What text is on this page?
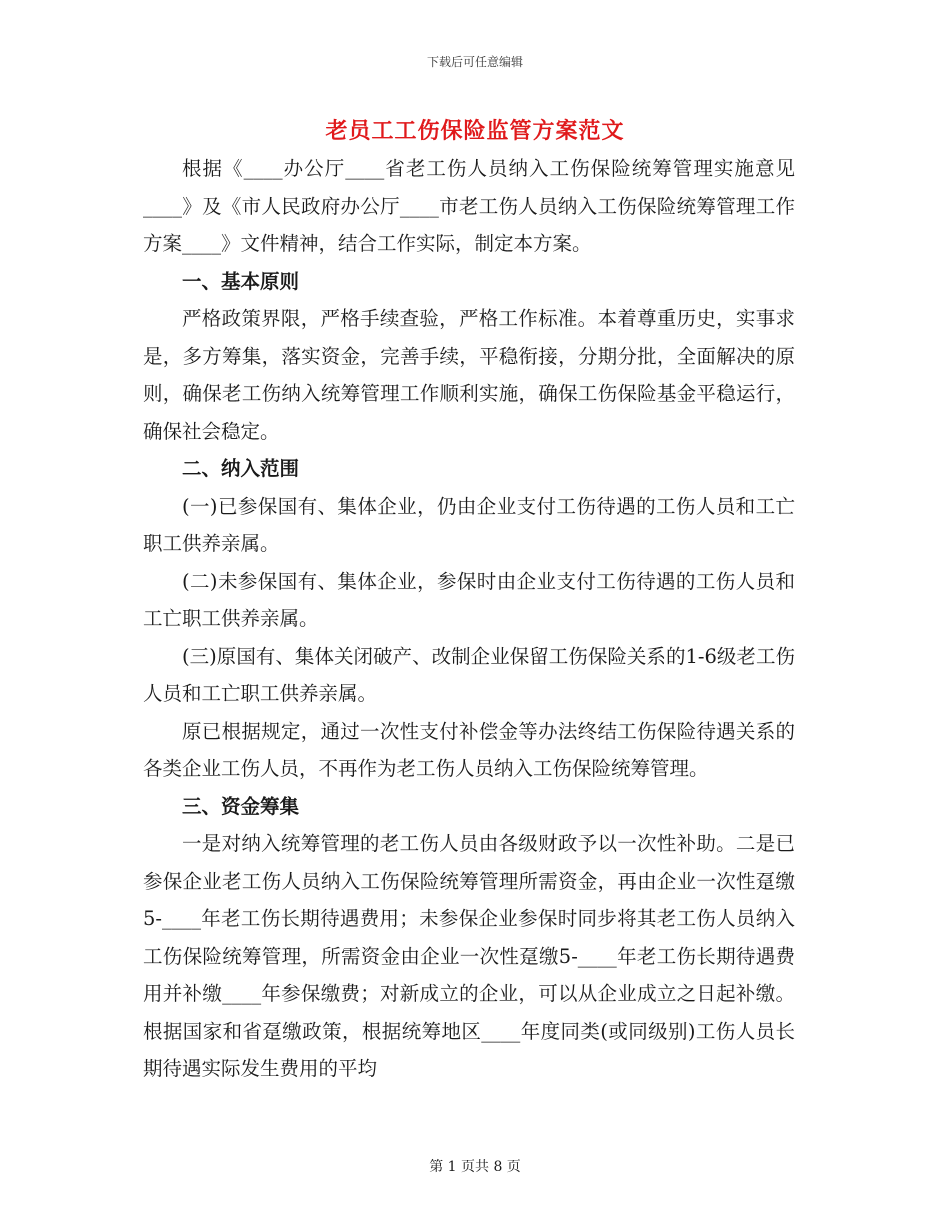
下载后可任意编辑
老员工工伤保险监管方案范文

根据《____办公厅____省老工伤人员纳入工伤保险统筹管理实施意见____》及《市人民政府办公厅____市老工伤人员纳入工伤保险统筹管理工作方案____》文件精神，结合工作实际，制定本方案。

一、基本原则

严格政策界限，严格手续查验，严格工作标准。本着尊重历史，实事求是，多方筹集，落实资金，完善手续，平稳衔接，分期分批，全面解决的原则，确保老工伤纳入统筹管理工作顺利实施，确保工伤保险基金平稳运行，确保社会稳定。

二、纳入范围

(一)已参保国有、集体企业，仍由企业支付工伤待遇的工伤人员和工亡职工供养亲属。

(二)未参保国有、集体企业，参保时由企业支付工伤待遇的工伤人员和工亡职工供养亲属。

(三)原国有、集体关闭破产、改制企业保留工伤保险关系的1-6级老工伤人员和工亡职工供养亲属。

原已根据规定，通过一次性支付补偿金等办法终结工伤保险待遇关系的各类企业工伤人员，不再作为老工伤人员纳入工伤保险统筹管理。

三、资金筹集

一是对纳入统筹管理的老工伤人员由各级财政予以一次性补助。二是已参保企业老工伤人员纳入工伤保险统筹管理所需资金，再由企业一次性趸缴5-____年老工伤长期待遇费用；未参保企业参保时同步将其老工伤人员纳入工伤保险统筹管理，所需资金由企业一次性趸缴5-____年老工伤长期待遇费用并补缴____年参保缴费；对新成立的企业，可以从企业成立之日起补缴。根据国家和省趸缴政策，根据统筹地区____年度同类(或同级别)工伤人员长期待遇实际发生费用的平均

第 1 页共 8 页
